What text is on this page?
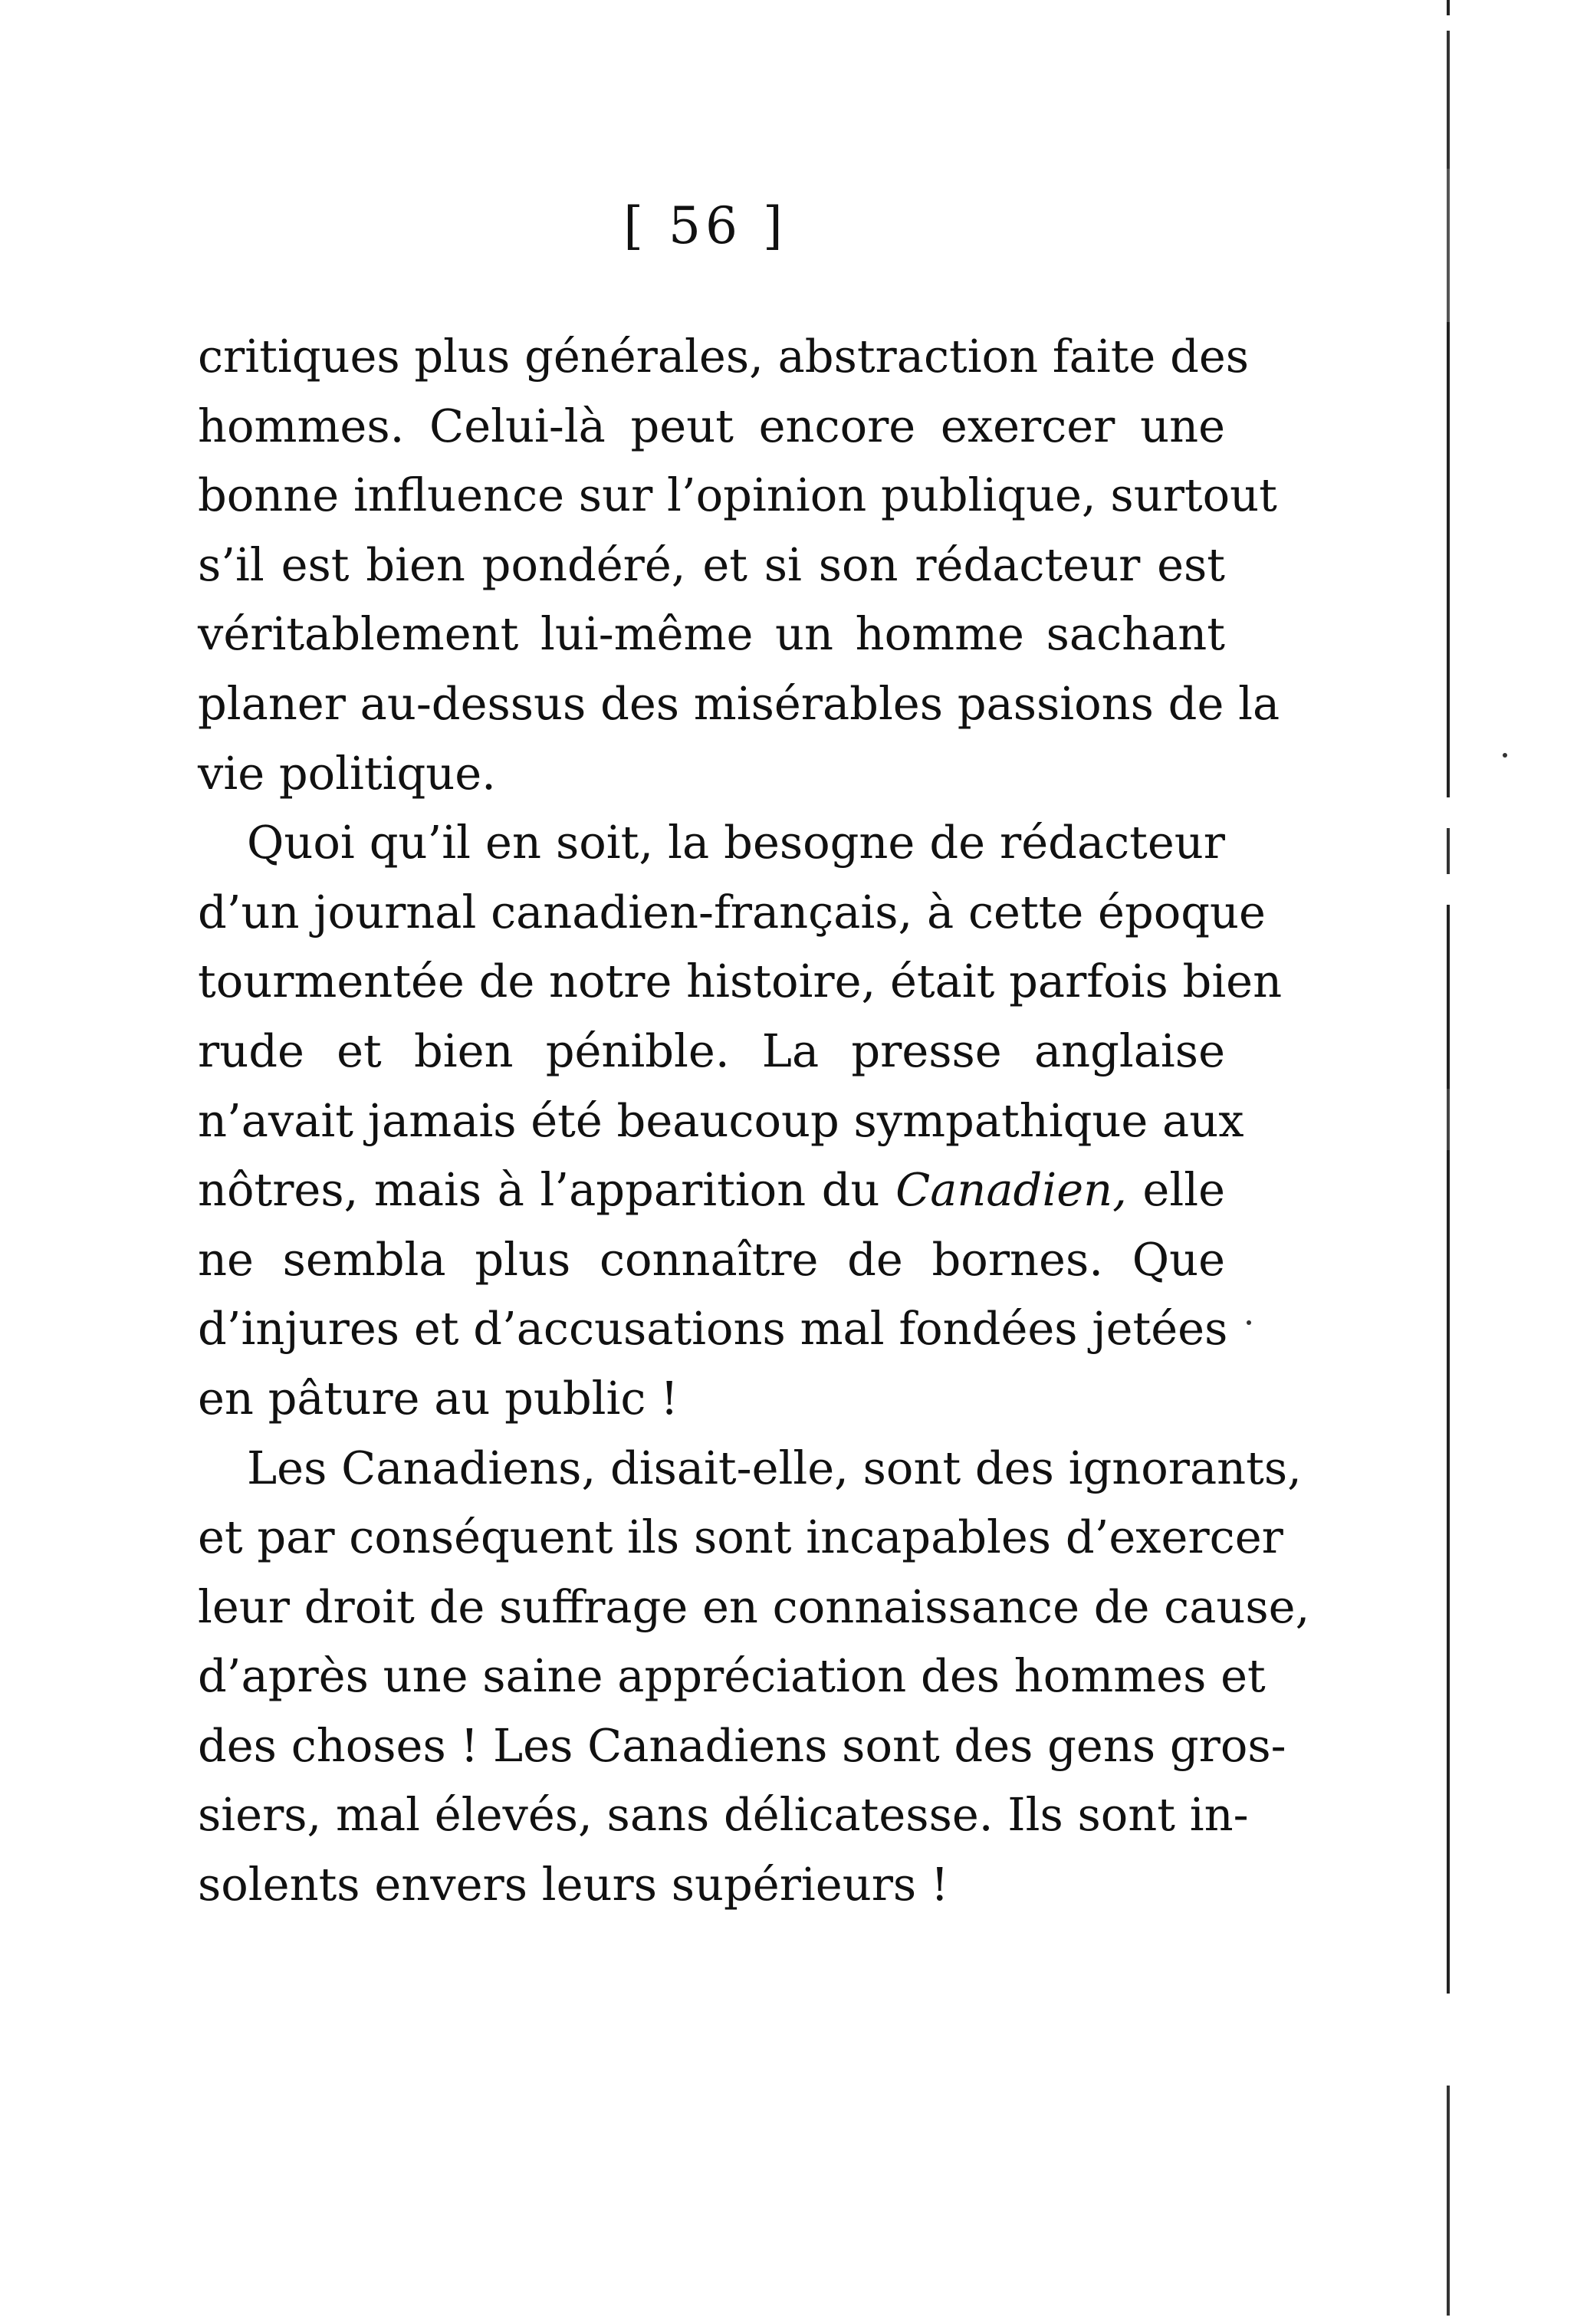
[ 56 ]
critiques plus générales, abstraction faite des
hommes. Celui-là peut encore exercer une
bonne influence sur l’opinion publique, surtout
s’il est bien pondéré, et si son rédacteur est
véritablement lui-même un homme sachant
planer au-dessus des misérables passions de la
vie politique.
Quoi qu’il en soit, la besogne de rédacteur
d’un journal canadien-français, à cette époque
tourmentée de notre histoire, était parfois bien
rude et bien pénible. La presse anglaise
n’avait jamais été beaucoup sympathique aux
nôtres, mais à l’apparition du Canadien, elle
ne sembla plus connaître de bornes. Que
d’injures et d’accusations mal fondées jetées
en pâture au public !
Les Canadiens, disait-elle, sont des ignorants,
et par conséquent ils sont incapables d’exercer
leur droit de suffrage en connaissance de cause,
d’après une saine appréciation des hommes et
des choses ! Les Canadiens sont des gens gros-
siers, mal élevés, sans délicatesse. Ils sont in-
solents envers leurs supérieurs !
